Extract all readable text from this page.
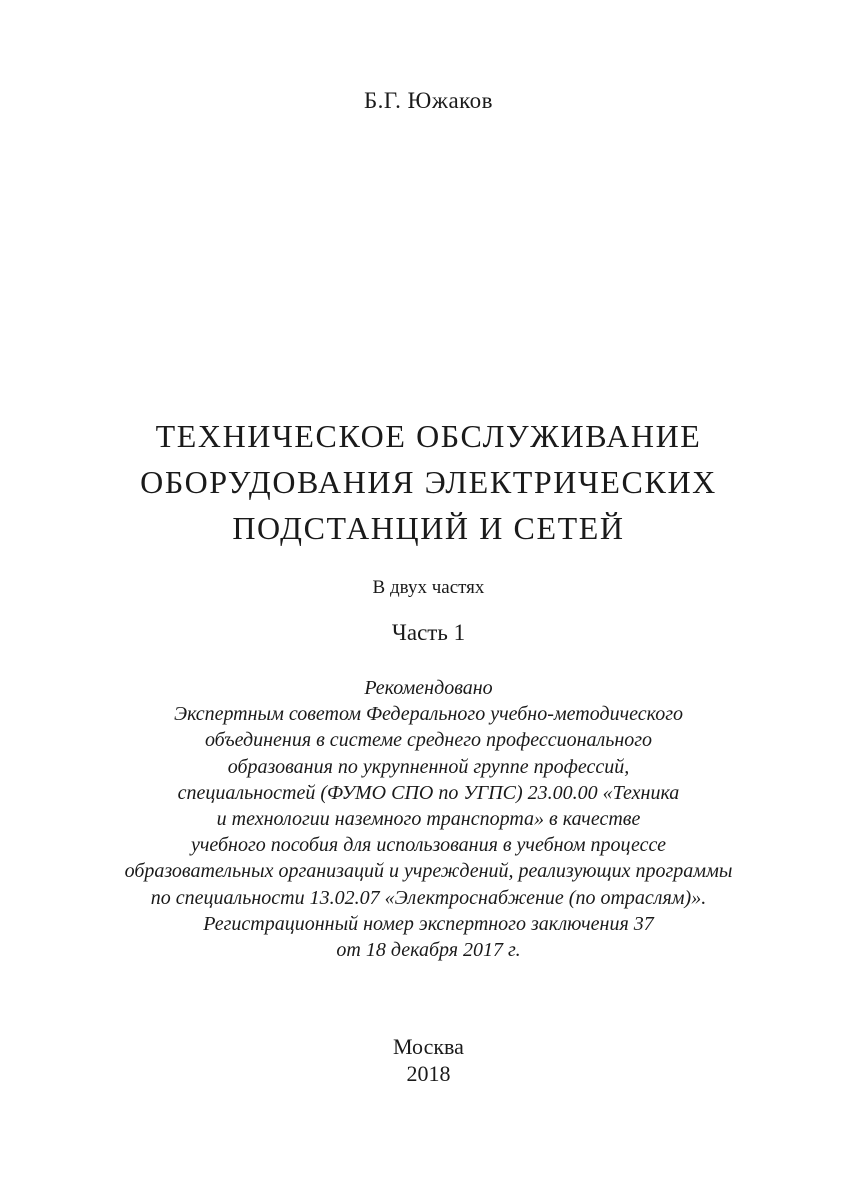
Б.Г. Южаков
ТЕХНИЧЕСКОЕ ОБСЛУЖИВАНИЕ
ОБОРУДОВАНИЯ ЭЛЕКТРИЧЕСКИХ
ПОДСТАНЦИЙ И СЕТЕЙ
В двух частях
Часть 1
Рекомендовано
Экспертным советом Федерального учебно-методического
объединения в системе среднего профессионального
образования по укрупненной группе профессий,
специальностей (ФУМО СПО по УГПС) 23.00.00 «Техника
и технологии наземного транспорта» в качестве
учебного пособия для использования в учебном процессе
образовательных организаций и учреждений, реализующих программы
по специальности 13.02.07 «Электроснабжение (по отраслям)».
Регистрационный номер экспертного заключения 37
от 18 декабря 2017 г.
Москва
2018
